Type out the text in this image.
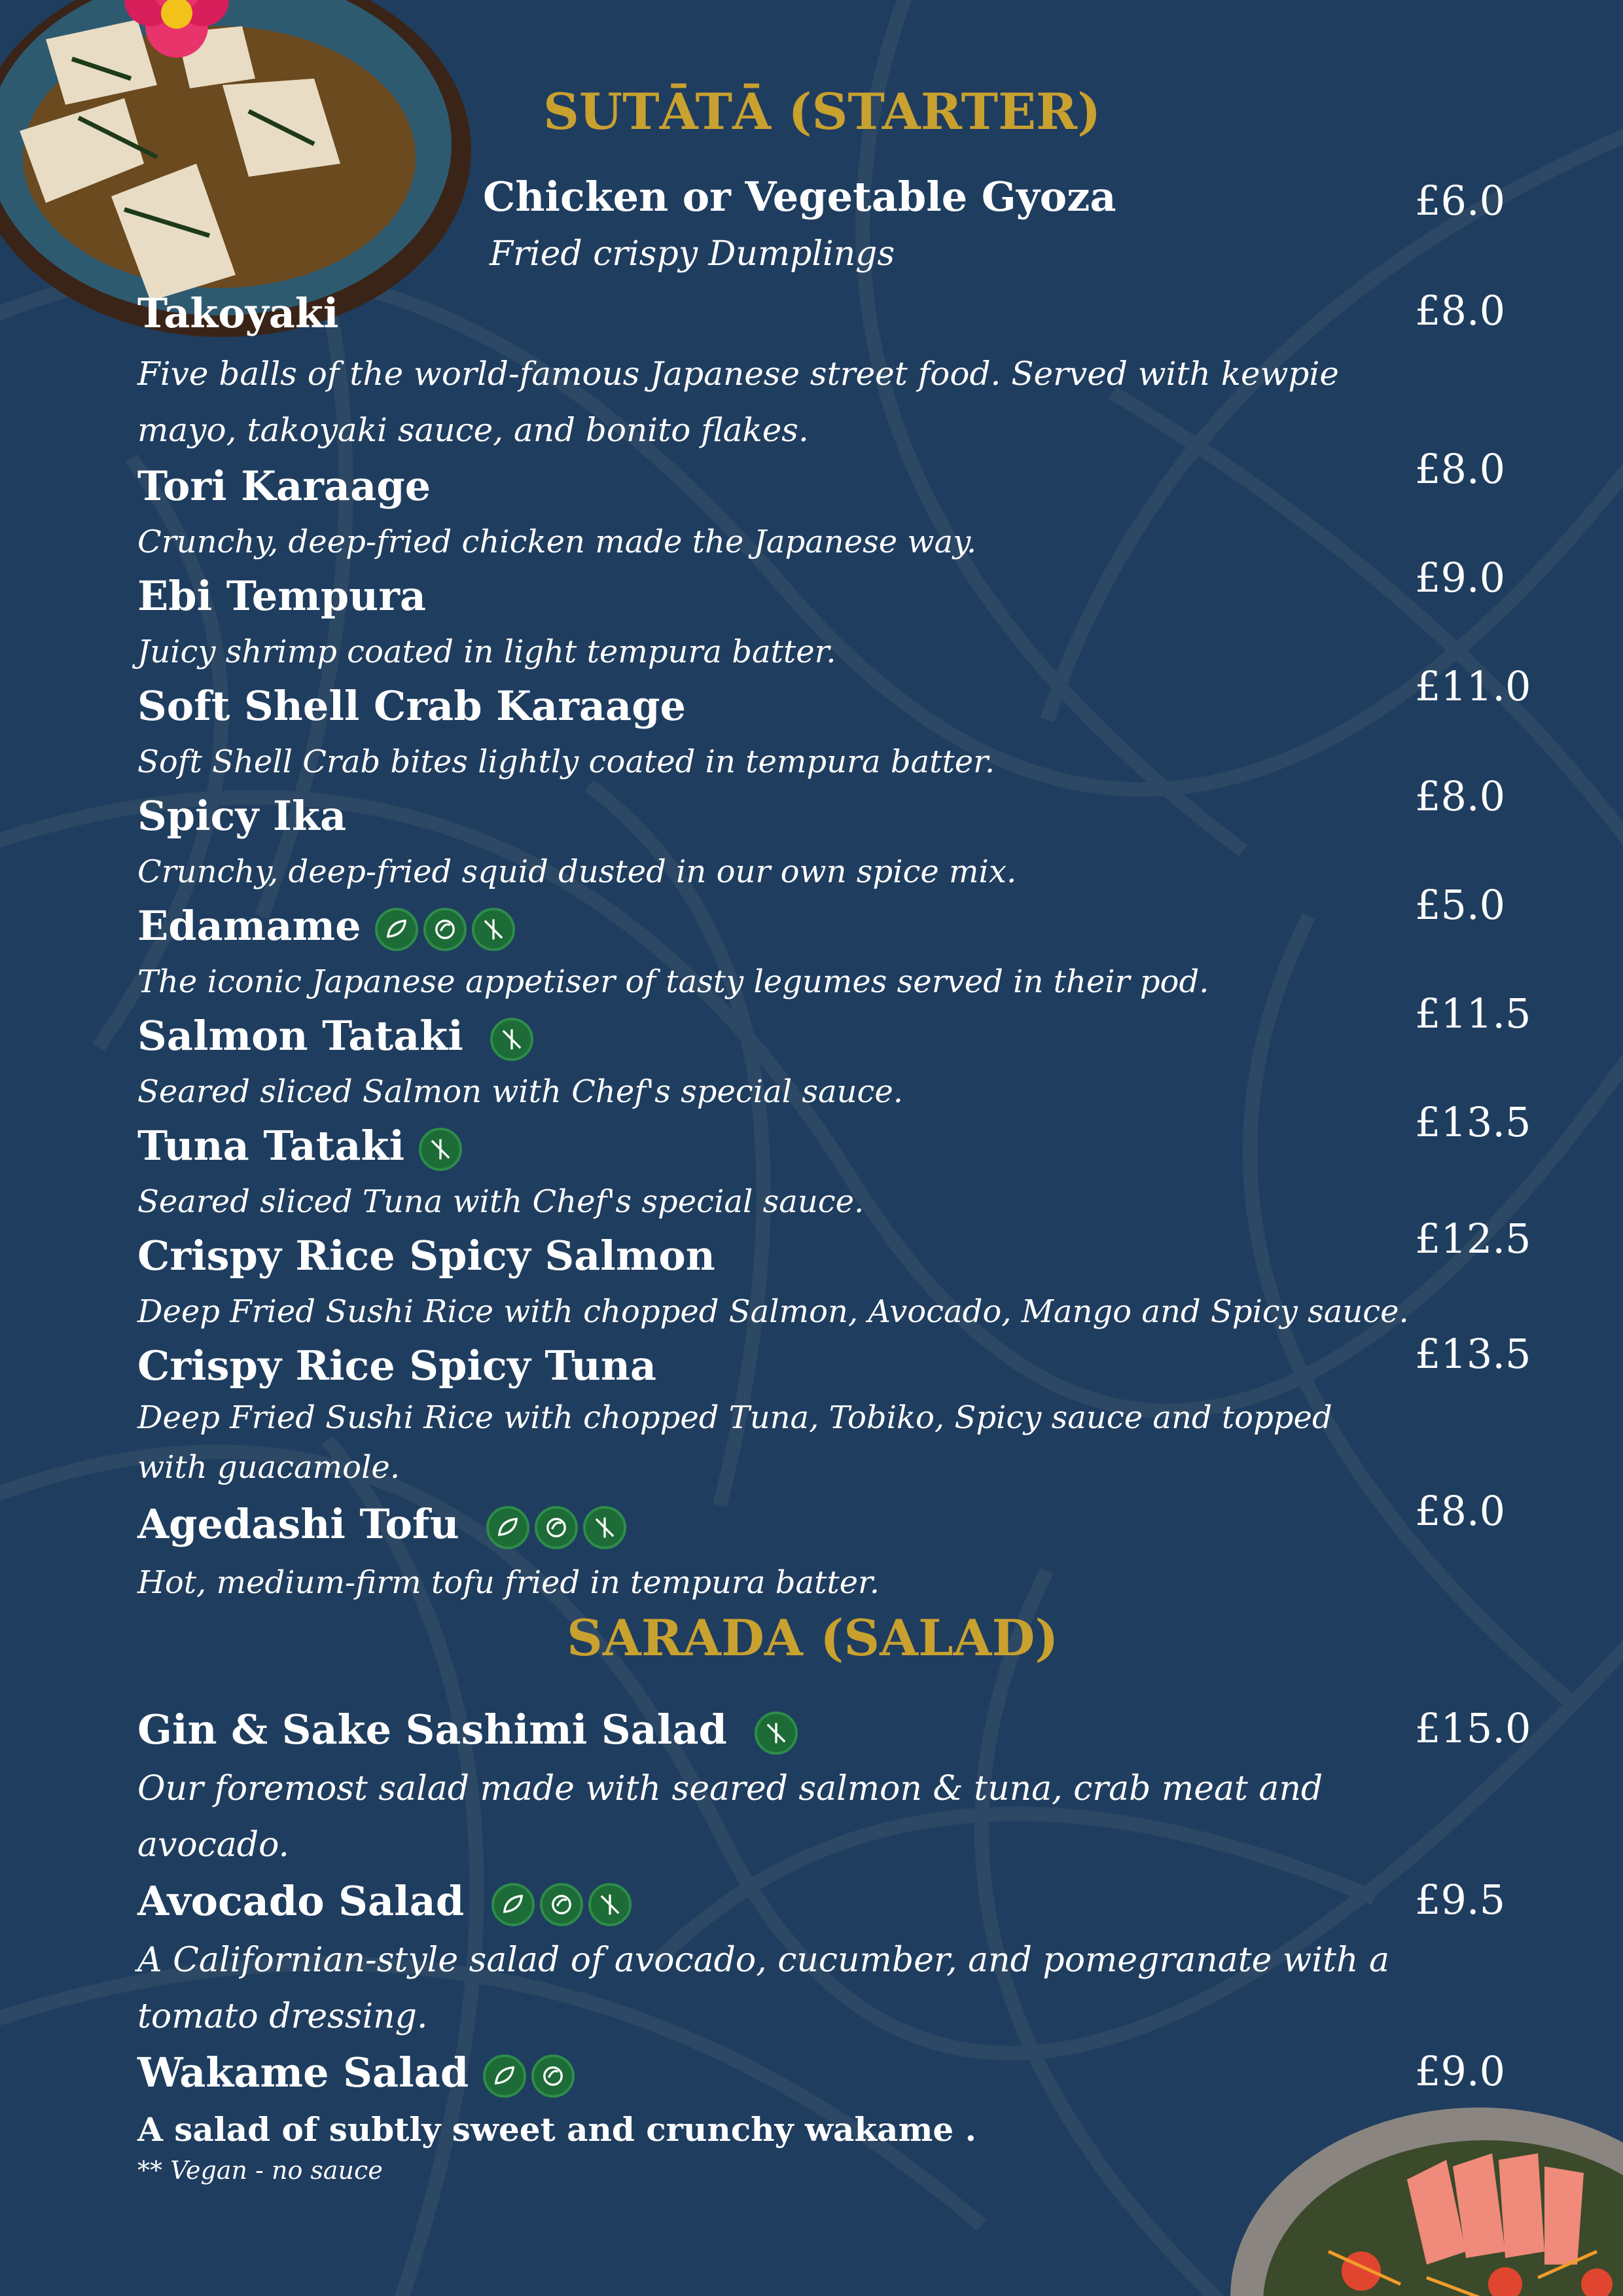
SUTĀTĀ (STARTER)
Chicken or Vegetable Gyoza
Fried crispy Dumplings
£6.0
Takoyaki
Five balls of the world-famous Japanese street food. Served with kewpie mayo, takoyaki sauce, and bonito flakes.
£8.0
Tori Karaage
Crunchy, deep-fried chicken made the Japanese way.
£8.0
Ebi Tempura
Juicy shrimp coated in light tempura batter.
£9.0
Soft Shell Crab Karaage
Soft Shell Crab bites lightly coated in tempura batter.
£11.0
Spicy Ika
Crunchy, deep-fried squid dusted in our own spice mix.
£8.0
Edamame
The iconic Japanese appetiser of tasty legumes served in their pod.
£5.0
Salmon Tataki
Seared sliced Salmon with Chef's special sauce.
£11.5
Tuna Tataki
Seared sliced Tuna with Chef's special sauce.
£13.5
Crispy Rice Spicy Salmon
Deep Fried Sushi Rice with chopped Salmon, Avocado, Mango and Spicy sauce.
£12.5
Crispy Rice Spicy Tuna
Deep Fried Sushi Rice with chopped Tuna, Tobiko, Spicy sauce and topped with guacamole.
£13.5
Agedashi Tofu
Hot, medium-firm tofu fried in tempura batter.
£8.0
SARADA (SALAD)
Gin & Sake Sashimi Salad
Our foremost salad made with seared salmon & tuna, crab meat and avocado.
£15.0
Avocado Salad
A Californian-style salad of avocado, cucumber, and pomegranate with a tomato dressing.
£9.5
Wakame Salad
A salad of subtly sweet and crunchy wakame .
** Vegan - no sauce
£9.0
